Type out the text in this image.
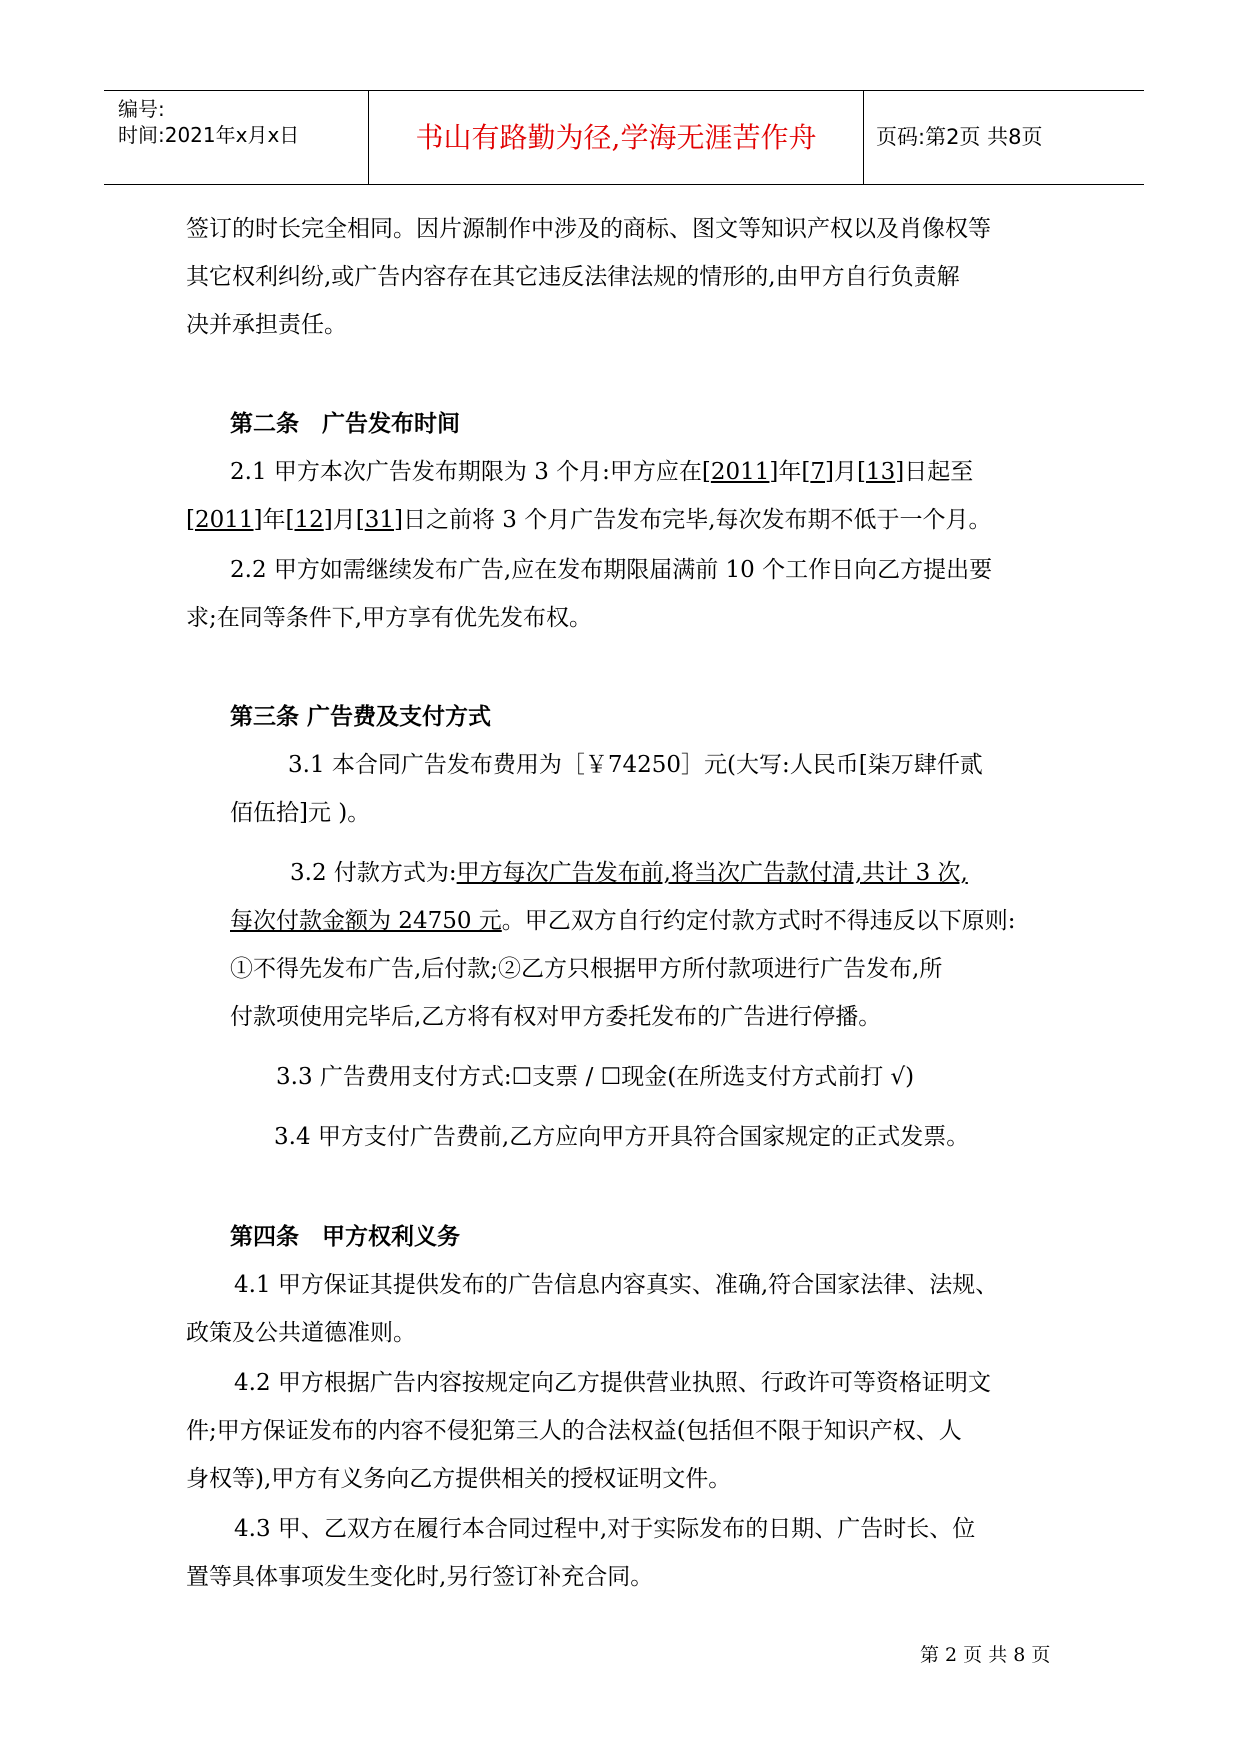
编号:
时间:2021年x月x日	书山有路勤为径,学海无涯苦作舟	页码:第2页 共8页
签订的时长完全相同。因片源制作中涉及的商标、图文等知识产权以及肖像权等
其它权利纠纷,或广告内容存在其它违反法律法规的情形的,由甲方自行负责解
决并承担责任。
第二条　广告发布时间
2.1 甲方本次广告发布期限为 3 个月:甲方应在[2011]年[7]月[13]日起至
[2011]年[12]月[31]日之前将 3 个月广告发布完毕,每次发布期不低于一个月。
2.2 甲方如需继续发布广告,应在发布期限届满前 10 个工作日向乙方提出要
求;在同等条件下,甲方享有优先发布权。
第三条 广告费及支付方式
3.1 本合同广告发布费用为［￥74250］元(大写:人民币[柒万肆仟贰
佰伍拾]元 )。
3.2 付款方式为:甲方每次广告发布前,将当次广告款付清,共计 3 次,
每次付款金额为 24750 元。甲乙双方自行约定付款方式时不得违反以下原则:
①不得先发布广告,后付款;②乙方只根据甲方所付款项进行广告发布,所
付款项使用完毕后,乙方将有权对甲方委托发布的广告进行停播。
3.3 广告费用支付方式:☐支票 / ☐现金(在所选支付方式前打 √)
3.4 甲方支付广告费前,乙方应向甲方开具符合国家规定的正式发票。
第四条　甲方权利义务
4.1 甲方保证其提供发布的广告信息内容真实、准确,符合国家法律、法规、
政策及公共道德准则。
4.2 甲方根据广告内容按规定向乙方提供营业执照、行政许可等资格证明文
件;甲方保证发布的内容不侵犯第三人的合法权益(包括但不限于知识产权、人
身权等),甲方有义务向乙方提供相关的授权证明文件。
4.3 甲、乙双方在履行本合同过程中,对于实际发布的日期、广告时长、位
置等具体事项发生变化时,另行签订补充合同。
第 2 页 共 8 页
